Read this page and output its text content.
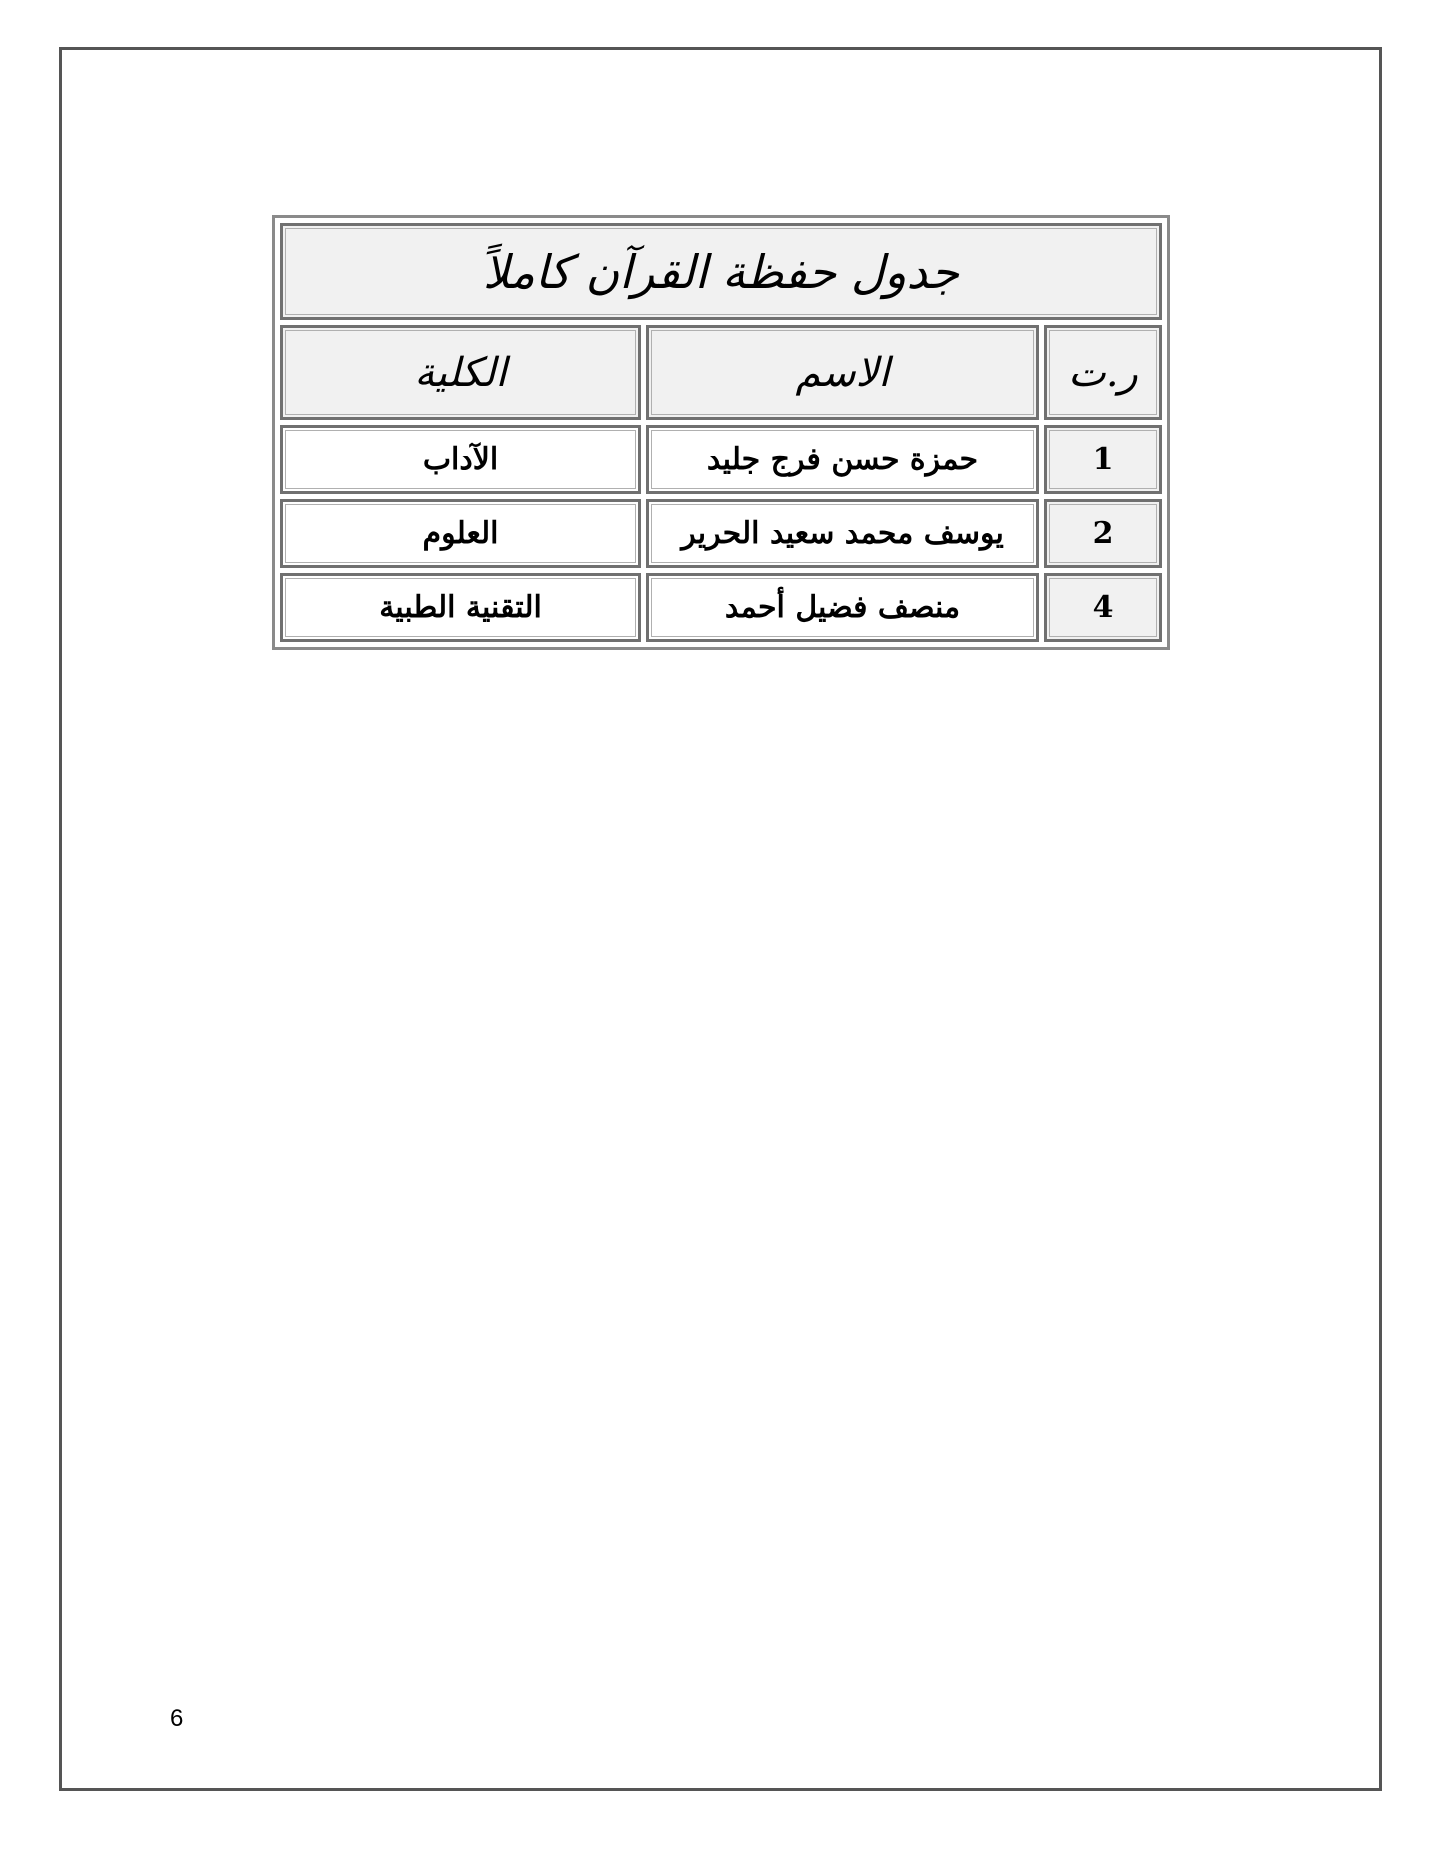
جدول حفظة القرآن كاملاً
الكلية	الاسم	ر.ت
الآداب	حمزة حسن فرج جليد	1
العلوم	يوسف محمد سعيد الحرير	2
التقنية الطبية	منصف فضيل أحمد	4
6
